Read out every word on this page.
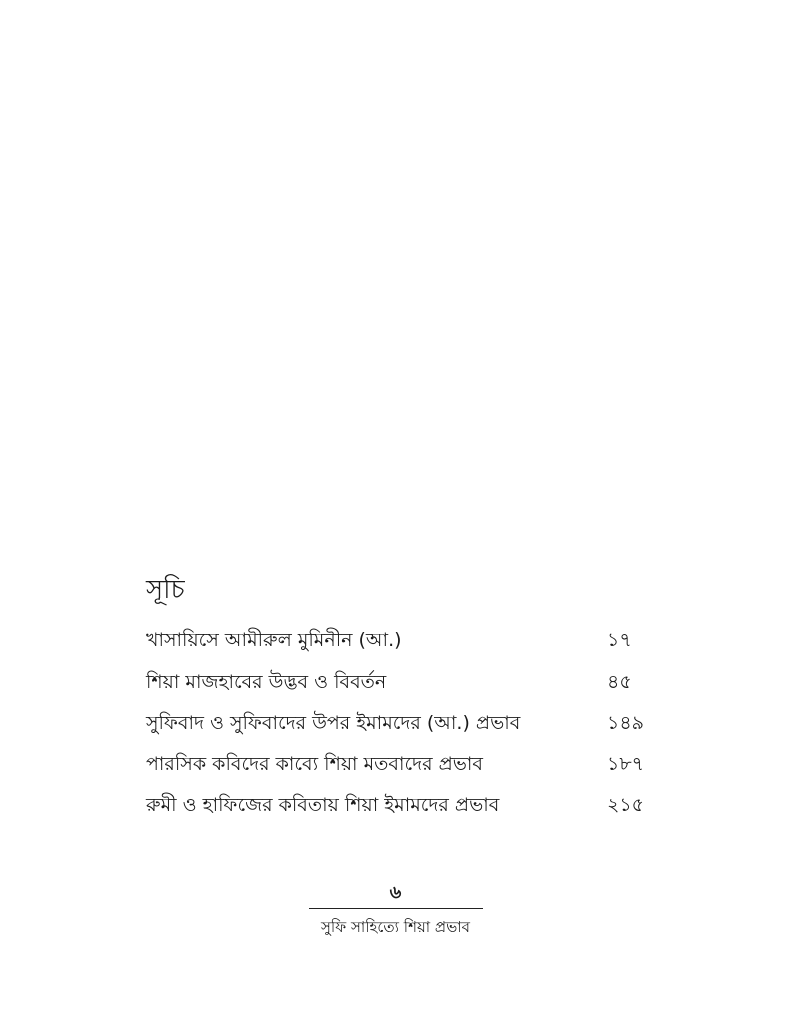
সূচি
খাসায়িসে আমীরুল মুমিনীন (আ.)	১৭
শিয়া মাজহাবের উদ্ভব ও বিবর্তন	৪৫
সুফিবাদ ও সুফিবাদের উপর ইমামদের (আ.) প্রভাব	১৪৯
পারসিক কবিদের কাব্যে শিয়া মতবাদের প্রভাব	১৮৭
রুমী ও হাফিজের কবিতায় শিয়া ইমামদের প্রভাব	২১৫
৬
সুফি সাহিত্যে শিয়া প্রভাব
